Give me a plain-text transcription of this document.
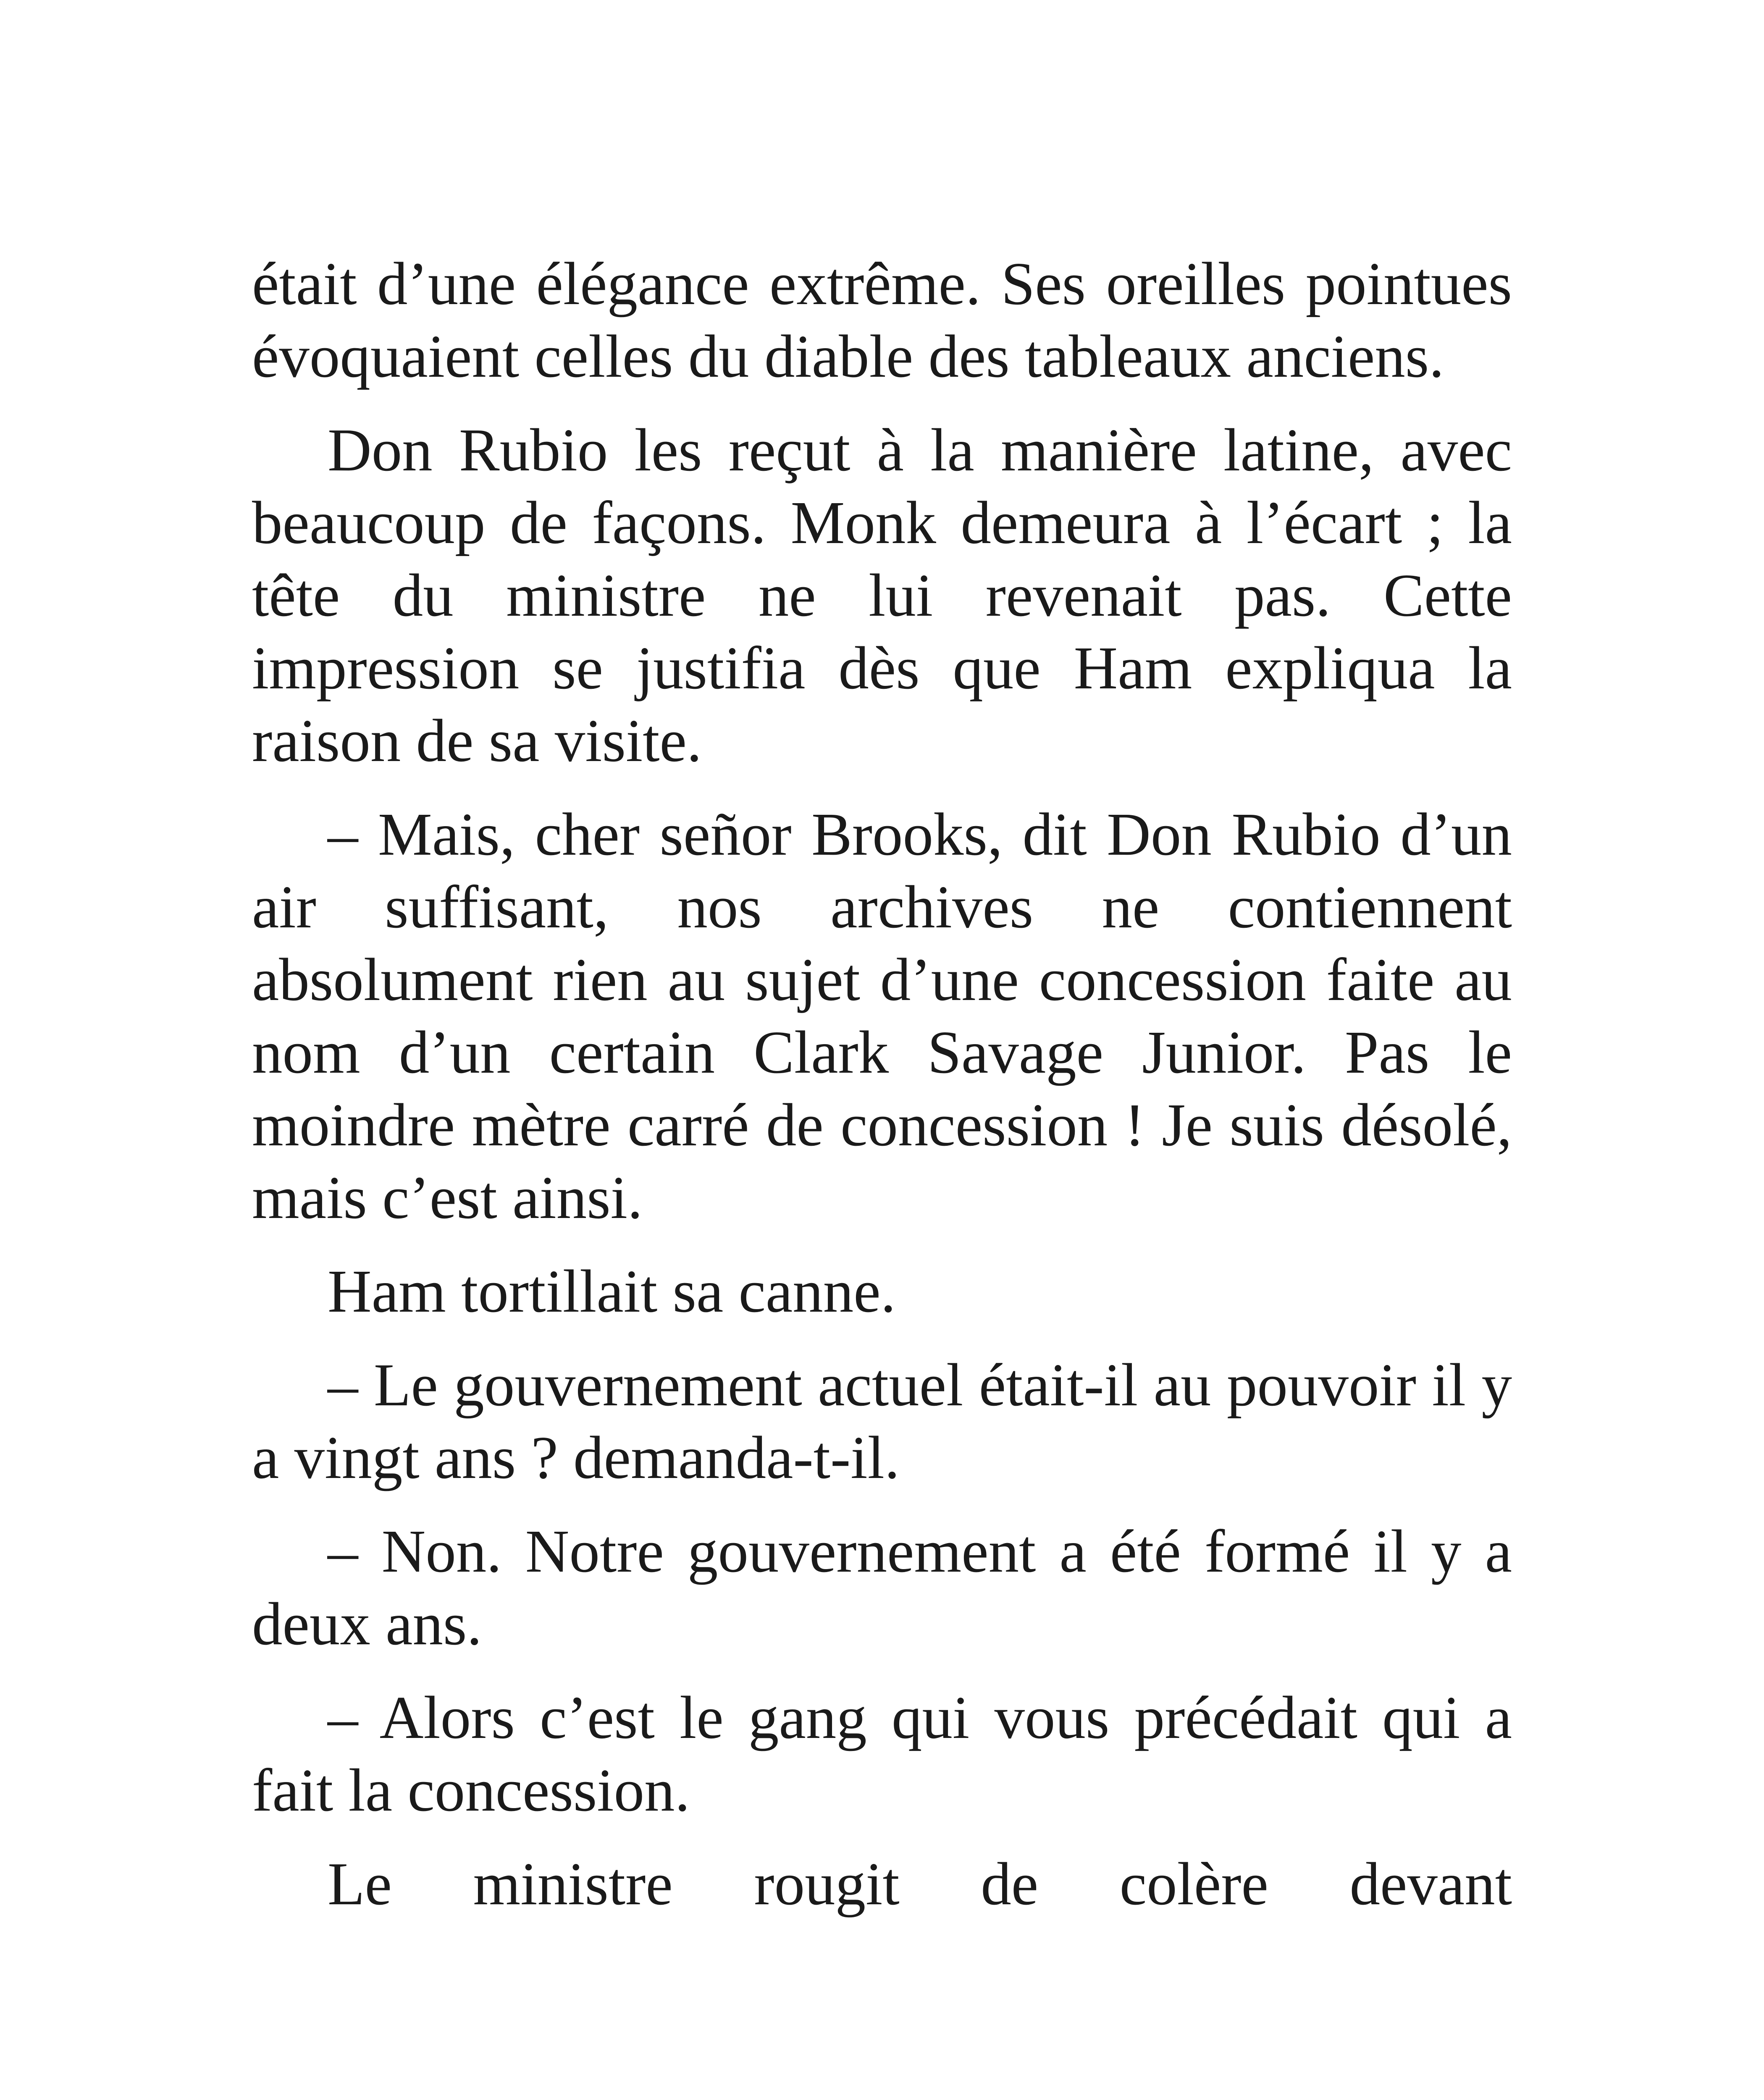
était d’une élégance extrême. Ses oreilles pointues évoquaient celles du diable des tableaux anciens.

Don Rubio les reçut à la manière latine, avec beaucoup de façons. Monk demeura à l’écart ; la tête du ministre ne lui revenait pas. Cette impression se justifia dès que Ham expliqua la raison de sa visite.

– Mais, cher señor Brooks, dit Don Rubio d’un air suffisant, nos archives ne contiennent absolument rien au sujet d’une concession faite au nom d’un certain Clark Savage Junior. Pas le moindre mètre carré de concession ! Je suis désolé, mais c’est ainsi.

Ham tortillait sa canne.

– Le gouvernement actuel était-il au pouvoir il y a vingt ans ? demanda-t-il.

– Non. Notre gouvernement a été formé il y a deux ans.

– Alors c’est le gang qui vous précédait qui a fait la concession.

Le ministre rougit de colère devant
